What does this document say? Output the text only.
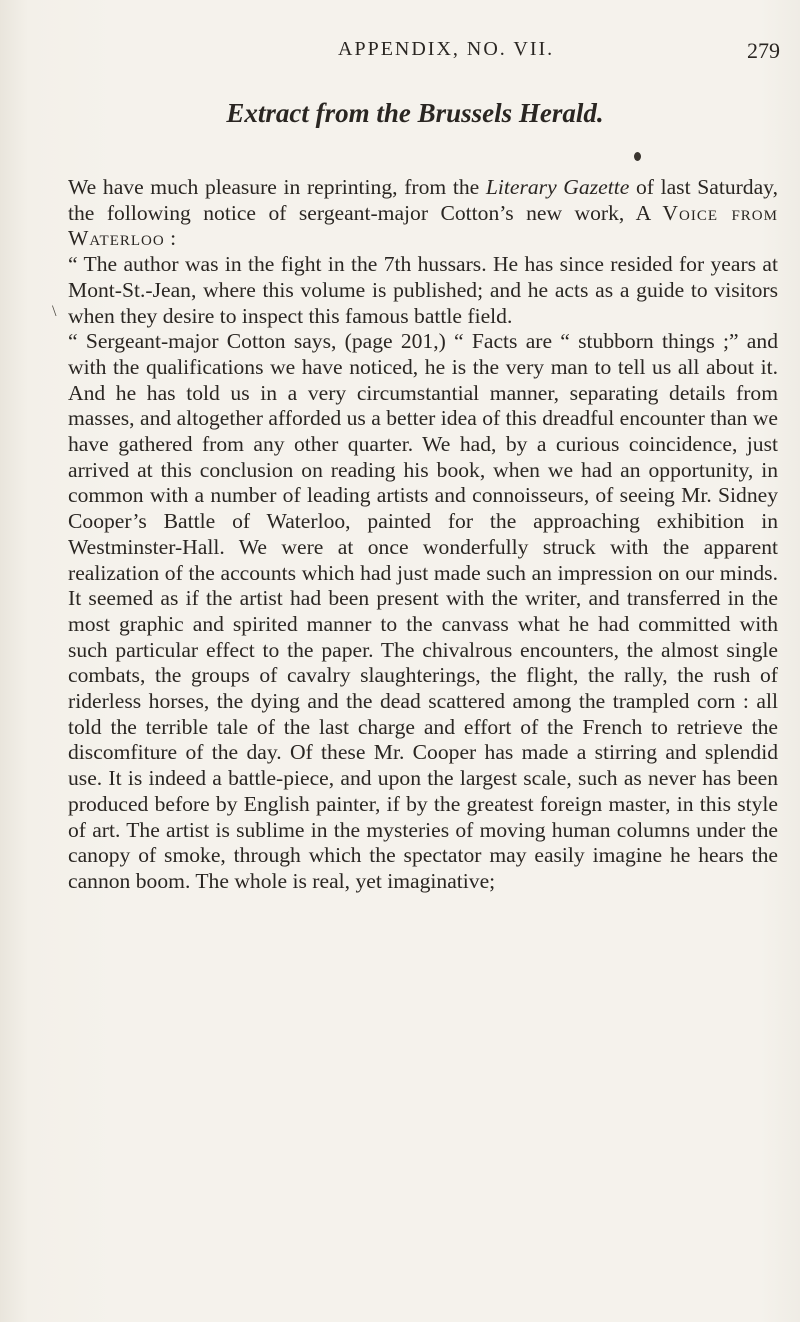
APPENDIX, NO. VII.	279
Extract from the Brussels Herald.
\

We have much pleasure in reprinting, from the Literary Gazette of last Saturday, the following notice of sergeant-major Cotton’s new work, A Voice from Waterloo :

“ The author was in the fight in the 7th hussars. He has since resided for years at Mont-St.-Jean, where this volume is published; and he acts as a guide to visitors when they desire to inspect this famous battle field.

“ Sergeant-major Cotton says, (page 201,) “ Facts are “ stubborn things ;” and with the qualifications we have noticed, he is the very man to tell us all about it. And he has told us in a very circumstantial manner, separating details from masses, and altogether afforded us a better idea of this dreadful encounter than we have gathered from any other quarter. We had, by a curious coincidence, just arrived at this conclusion on reading his book, when we had an opportunity, in common with a number of leading artists and connoisseurs, of seeing Mr. Sidney Cooper’s Battle of Waterloo, painted for the approaching exhibition in Westminster-Hall. We were at once wonderfully struck with the apparent realization of the accounts which had just made such an impression on our minds. It seemed as if the artist had been present with the writer, and transferred in the most graphic and spirited manner to the canvass what he had committed with such particular effect to the paper. The chivalrous encounters, the almost single combats, the groups of cavalry slaughterings, the flight, the rally, the rush of riderless horses, the dying and the dead scattered among the trampled corn : all told the terrible tale of the last charge and effort of the French to retrieve the discomfiture of the day. Of these Mr. Cooper has made a stirring and splendid use. It is indeed a battle-piece, and upon the largest scale, such as never has been produced before by English painter, if by the greatest foreign master, in this style of art. The artist is sublime in the mysteries of moving human columns under the canopy of smoke, through which the spectator may easily imagine he hears the cannon boom. The whole is real, yet imaginative;
